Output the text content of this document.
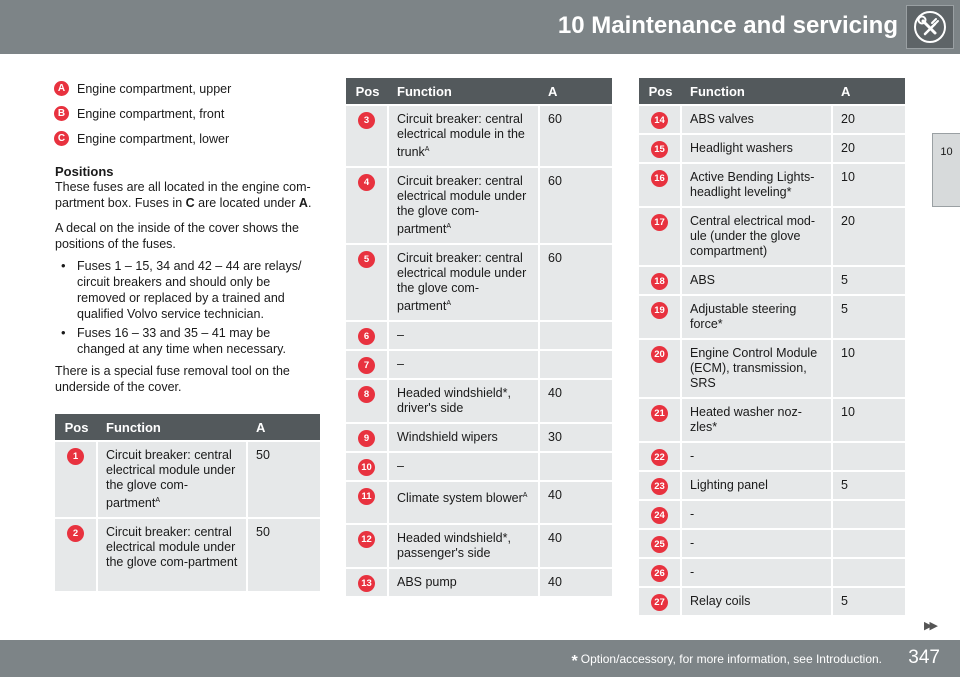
10 Maintenance and servicing
10
A Engine compartment, upper
B Engine compartment, front
C Engine compartment, lower
Positions

These fuses are all located in the engine com-partment box. Fuses in C are located under A.

A decal on the inside of the cover shows the positions of the fuses.

• Fuses 1 – 15, 34 and 42 – 44 are relays/ circuit breakers and should only be removed or replaced by a trained and qualified Volvo service technician.
• Fuses 16 – 33 and 35 – 41 may be changed at any time when necessary.

There is a special fuse removal tool on the underside of the cover.

Pos	Function	A

1	Circuit breaker: central electrical module under the glove com-partment$^A$	50

2	Circuit breaker: central electrical module under the glove com-partment	50
Pos	Function	A

3	Circuit breaker: central electrical module in the trunk$^A$	60

4	Circuit breaker: central electrical module under the glove com-partment$^A$	60

5	Circuit breaker: central electrical module under the glove com-partment$^A$	60

6	–	

7	–	

8	Headed windshield*, driver's side	40

9	Windshield wipers	30

10	–	

11	Climate system blower$^A$	40

12	Headed windshield*, passenger's side	40

13	ABS pump	40
Pos	Function	A

14	ABS valves	20

15	Headlight washers	20

16	Active Bending Lights-headlight leveling*	10

17	Central electrical mod-ule (under the glove compartment)	20

18	ABS	5

19	Adjustable steering force*	5

20	Engine Control Module (ECM), transmission, SRS	10

21	Heated washer noz-zles*	10

22	-	

23	Lighting panel	5

24	-	

25	-	

26	-	

27	Relay coils	5
▶▶
* Option/accessory, for more information, see Introduction. 347
